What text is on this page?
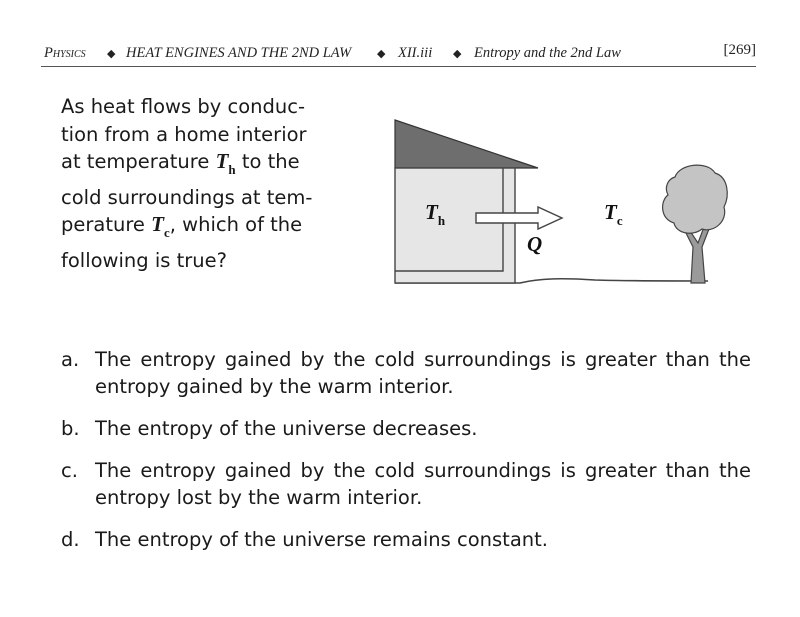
Physics ◆ HEAT ENGINES AND THE 2ND LAW ◆ XII.iii ◆ Entropy and the 2nd Law	[269]
As heat flows by conduc-
tion from a home interior
at temperature $T_h$ to the
cold surroundings at tem-
perature $T_c$, which of the
following is true?
$T_h$	$T_c$
Q
a. The entropy gained by the cold surroundings is greater than the entropy gained by the warm interior.
b. The entropy of the universe decreases.
c. The entropy gained by the cold surroundings is greater than the entropy lost by the warm interior.
d. The entropy of the universe remains constant.
